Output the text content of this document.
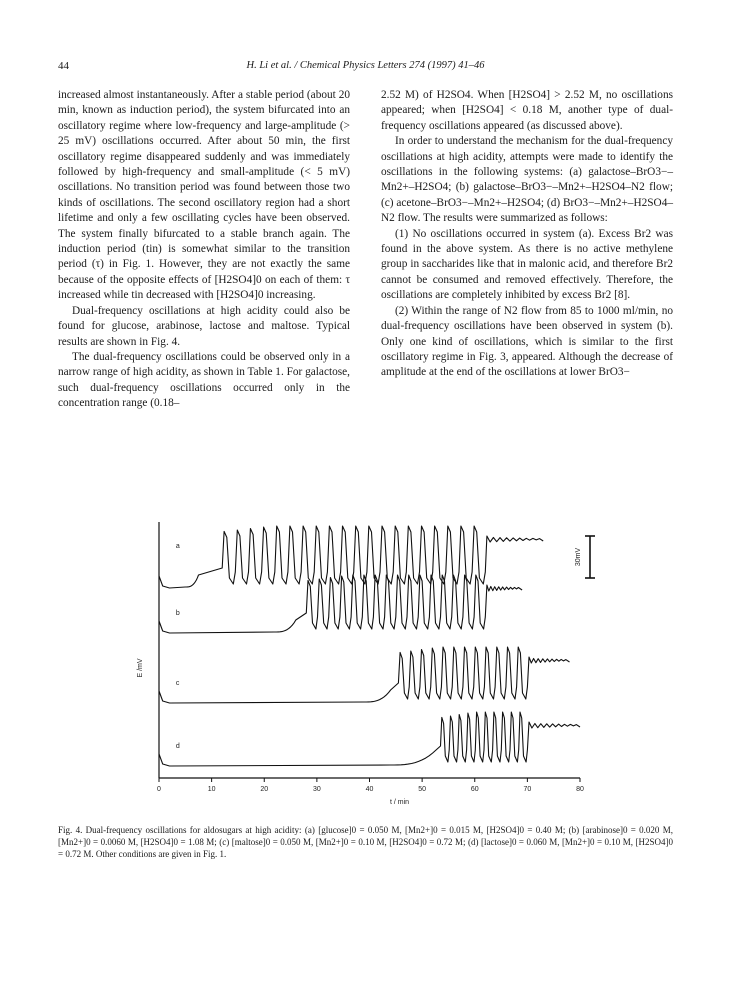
44	H. Li et al. / Chemical Physics Letters 274 (1997) 41–46

increased almost instantaneously. After a stable period (about 20 min, known as induction period), the system bifurcated into an oscillatory regime where low-frequency and large-amplitude (> 25 mV) oscillations occurred. After about 50 min, the first oscillatory regime disappeared suddenly and was immediately followed by high-frequency and small-amplitude (< 5 mV) oscillations. No transition period was found between those two kinds of oscillations. The second oscillatory region had a short lifetime and only a few oscillating cycles have been observed. The system finally bifurcated to a stable branch again. The induction period (tin) is somewhat similar to the transition period (τ) in Fig. 1. However, they are not exactly the same because of the opposite effects of [H2SO4]0 on each of them: τ increased while tin decreased with [H2SO4]0 increasing.

Dual-frequency oscillations at high acidity could also be found for glucose, arabinose, lactose and maltose. Typical results are shown in Fig. 4.

The dual-frequency oscillations could be observed only in a narrow range of high acidity, as shown in Table 1. For galactose, such dual-frequency oscillations occurred only in the concentration range (0.18–

2.52 M) of H2SO4. When [H2SO4] > 2.52 M, no oscillations appeared; when [H2SO4] < 0.18 M, another type of dual-frequency oscillations appeared (as discussed above).

In order to understand the mechanism for the dual-frequency oscillations at high acidity, attempts were made to identify the oscillations in the following systems: (a) galactose–BrO3−–Mn2+–H2SO4; (b) galactose–BrO3−–Mn2+–H2SO4–N2 flow; (c) acetone–BrO3−–Mn2+–H2SO4; (d) BrO3−–Mn2+–H2SO4–N2 flow. The results were summarized as follows:

(1) No oscillations occurred in system (a). Excess Br2 was found in the above system. As there is no active methylene group in saccharides like that in malonic acid, and therefore Br2 cannot be consumed and removed effectively. Therefore, the oscillations are completely inhibited by excess Br2 [8].

(2) Within the range of N2 flow from 85 to 1000 ml/min, no dual-frequency oscillations have been observed in system (b). Only one kind of oscillations, which is similar to the first oscillatory regime in Fig. 3, appeared. Although the decrease of amplitude at the end of the oscillations at lower BrO3−

a
b
c
d
0	10	20	30	40	50	60	70	80
E /mV
t / min
30mV
Fig. 4. Dual-frequency oscillations for aldosugars at high acidity: (a) [glucose]0 = 0.050 M, [Mn2+]0 = 0.015 M, [H2SO4]0 = 0.40 M; (b) [arabinose]0 = 0.020 M, [Mn2+]0 = 0.0060 M, [H2SO4]0 = 1.08 M; (c) [maltose]0 = 0.050 M, [Mn2+]0 = 0.10 M, [H2SO4]0 = 0.72 M; (d) [lactose]0 = 0.060 M, [Mn2+]0 = 0.10 M, [H2SO4]0 = 0.72 M. Other conditions are given in Fig. 1.
